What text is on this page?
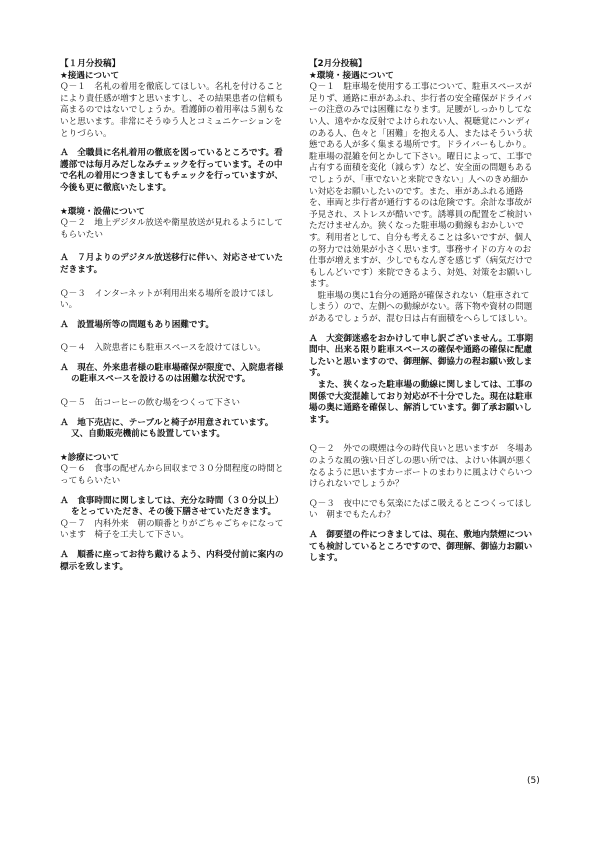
【１月分投稿】

★接遇について

Ｑ－１　名札の着用を徹底してほしい。名札を付けることにより責任感が増すと思いますし、その結果患者の信頼も高まるのではないでしょうか。看護師の着用率は５割もないと思います。非常にそうゆう人とコミュニケーションをとりづらい。

Ａ　全職員に名札着用の徹底を図っているところです。看護部では毎月みだしなみチェックを行っています。その中で名札の着用につきましてもチェックを行っていますが、今後も更に徹底いたします。

★環境・設備について

Ｑ－２　地上デジタル放送や衛星放送が見れるようにしてもらいたい

Ａ　７月よりのデジタル放送移行に伴い、対応させていただきます。

Ｑ－３　インターネットが利用出来る場所を設けてほしい。

Ａ　設置場所等の問題もあり困難です。

Ｑ－４　入院患者にも駐車スペースを設けてほしい。

Ａ　現在、外来患者様の駐車場確保が限度で、入院患者様の駐車スペースを設けるのは困難な状況です。

Ｑ－５　缶コーヒーの飲む場をつくって下さい

Ａ　地下売店に、テーブルと椅子が用意されています。又、自動販売機前にも設置しています。

★診療について

Ｑ－６　食事の配ぜんから回収まで３０分間程度の時間とってもらいたい

Ａ　食事時間に関しましては、充分な時間（３０分以上）をとっていただき、その後下膳させていただきます。

Ｑ－７　内科外来　朝の順番とりがごちゃごちゃになっています　椅子を工夫して下さい。

Ａ　順番に座ってお待ち戴けるよう、内科受付前に案内の標示を致します。

【2月分投稿】

★環境・接遇について

Ｑ－１　駐車場を使用する工事について、駐車スペースが足りず、通路に車があふれ、歩行者の安全確保がドライバーの注意のみでは困難になります。足腰がしっかりしてない人、遠やかな反射でよけられない人、視聴覚にハンディのある人、色々と「困難」を抱える人、またはそういう状態である人が多く集まる場所です。ドライバーもしかり。駐車場の混雑を何とかして下さい。曜日によって、工事で占有する面積を変化（減らす）など、安全面の問題もあるでしょうが、「車でないと来院できない」人へのきめ細かい対応をお願いしたいのです。また、車があふれる通路を、車両と歩行者が通行するのは危険です。余計な事故が予見され、ストレスが酷いです。誘導員の配置をご検討いただけませんか。狭くなった駐車場の動線もおかしいです。利用者として、自分も考えることは多いですが、個人の努力では効果が小さく思います。事務サイドの方々のお仕事が増えますが、少しでもなんぎを感じず（病気だけでもしんどいです）来院できるよう、対処、対策をお願いします。

駐車場の奥に1台分の通路が確保されない（駐車されてしまう）ので、左側への動線がない。落下物や資材の問題があるでしょうが、混む日は占有面積をへらしてほしい。

Ａ　大変御迷惑をおかけして申し訳ございません。工事期間中、出来る限り駐車スペースの確保や通路の確保に配慮したいと思いますので、御理解、御協力の程お願い致します。

また、狭くなった駐車場の動線に関しましては、工事の関係で大変混雑しており対応が不十分でした。現在は駐車場の奥に通路を確保し、解消しています。御了承お願いします。

Ｑ－２　外での喫煙は今の時代良いと思いますが　冬場あのような風の強い日ざしの悪い所では、よけい体調が悪くなるように思いますカーポートのまわりに風よけぐらいつけられないでしょうか？

Ｑ－３　夜中にでも気楽にたばこ吸えるとこつくってほしい　朝までもたんわ？

Ａ　御要望の件につきましては、現在、敷地内禁煙についても検討しているところですので、御理解、御協力お願いします。

(5)
